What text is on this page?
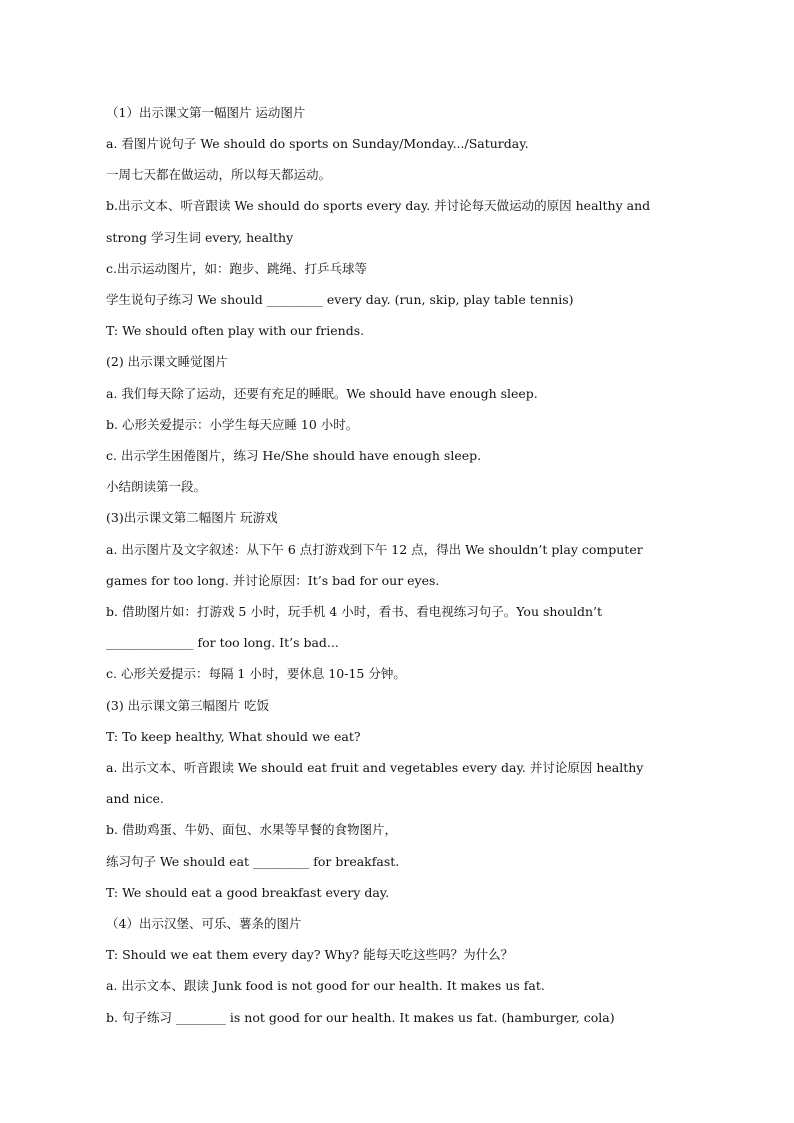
（1）出示课文第一幅图片 运动图片
a. 看图片说句子 We should do sports on Sunday/Monday.../Saturday.
一周七天都在做运动，所以每天都运动。
b.出示文本、听音跟读 We should do sports every day. 并讨论每天做运动的原因 healthy and
strong 学习生词 every, healthy
c.出示运动图片，如：跑步、跳绳、打乒乓球等
学生说句子练习 We should _________ every day. (run, skip, play table tennis)
T: We should often play with our friends.
(2) 出示课文睡觉图片
a. 我们每天除了运动，还要有充足的睡眠。We should have enough sleep.
b. 心形关爱提示：小学生每天应睡 10 小时。
c. 出示学生困倦图片，练习 He/She should have enough sleep.
小结朗读第一段。
(3)出示课文第二幅图片 玩游戏
a. 出示图片及文字叙述：从下午 6 点打游戏到下午 12 点，得出 We shouldn’t play computer
games for too long. 并讨论原因：It’s bad for our eyes.
b. 借助图片如：打游戏 5 小时，玩手机 4 小时，看书、看电视练习句子。You shouldn’t
______________ for too long. It’s bad...
c. 心形关爱提示：每隔 1 小时，要休息 10-15 分钟。
(3) 出示课文第三幅图片 吃饭
T: To keep healthy, What should we eat?
a. 出示文本、听音跟读 We should eat fruit and vegetables every day. 并讨论原因 healthy
and nice.
b. 借助鸡蛋、牛奶、面包、水果等早餐的食物图片，
练习句子 We should eat _________ for breakfast.
T: We should eat a good breakfast every day.
（4）出示汉堡、可乐、薯条的图片
T: Should we eat them every day? Why? 能每天吃这些吗？为什么？
a. 出示文本、跟读 Junk food is not good for our health. It makes us fat.
b. 句子练习 ________ is not good for our health. It makes us fat. (hamburger, cola)
